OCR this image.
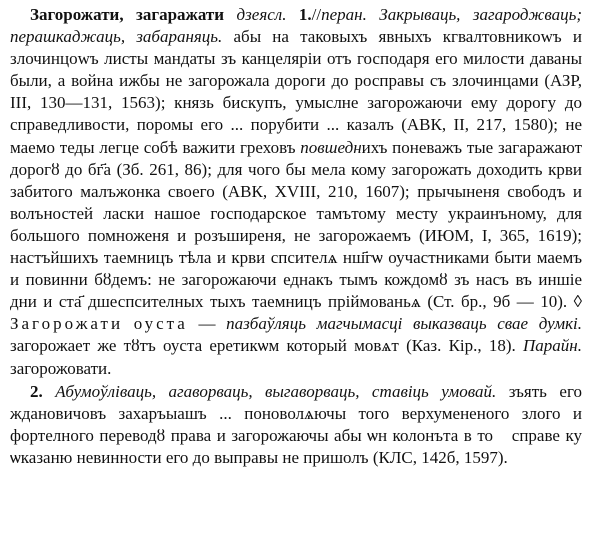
Загорожати, загаражати дзеясл. 1.//перан. Закрываць, загароджваць; перашкаджаць, забараняць. абы на таковыхъ явныхъ кгвалтовникowъ и злочинцowъ листы мандаты зъ канцеляріи отъ господаря его милости даваны были, а война ижбы не загорожала дороги до росправы съ злочинцами (АЗР, III, 130—131, 1563); князь бискупъ, умыслне загорожаючи ему дорогу до справедливости, поромы его ... порубити ... казалъ (АВК, II, 217, 1580); не маемо теды легце собѣ важити греховъ повшеднихъ поневажъ тые загаражают дорогȣ до бг҃а (Зб. 261, 86); для чого бы мела кому загорожать доходить крви забитого малъжонка своего (АВК, XVIII, 210, 1607); прычыненя свободъ и волъностей ласки нашое господарское тамътому месту украинъному, для большого помноженя и розъширеня, не загорожаемъ (ИЮМ, I, 365, 1619); настъйшихъ таемницъ тѣла и крви спсителѧ нш҃гѡ оучастниками быти маемъ и повинни бȣдемъ: не загорожаючи еднакъ тымъ кождомȣ зъ насъ въ иншіе дни и ста҃ дшеспсителных тыхъ таемницъ пріймованьѧ (Ст. бр., 9б — 10). ◊ Загорожати оуста — пазбаўляць магчымасці выказваць свае думкі. загорожает же тȣтъ оуста еретикѡм который мовѧт (Каз. Кір., 18). Парайн. загорожовати.

2. Абумоўліваць, агаворваць, выгаворваць, ставіць умовай. зъять его ждановичовъ захаръыашъ ... поноволѧючы того верхумененого злого и фортелного переводȣ права и загорожаючы абы ѡн колонъта в тоⷭ справе ку ѡказаню невинности его до выправы не пришолъ (КЛС, 142б, 1597).
